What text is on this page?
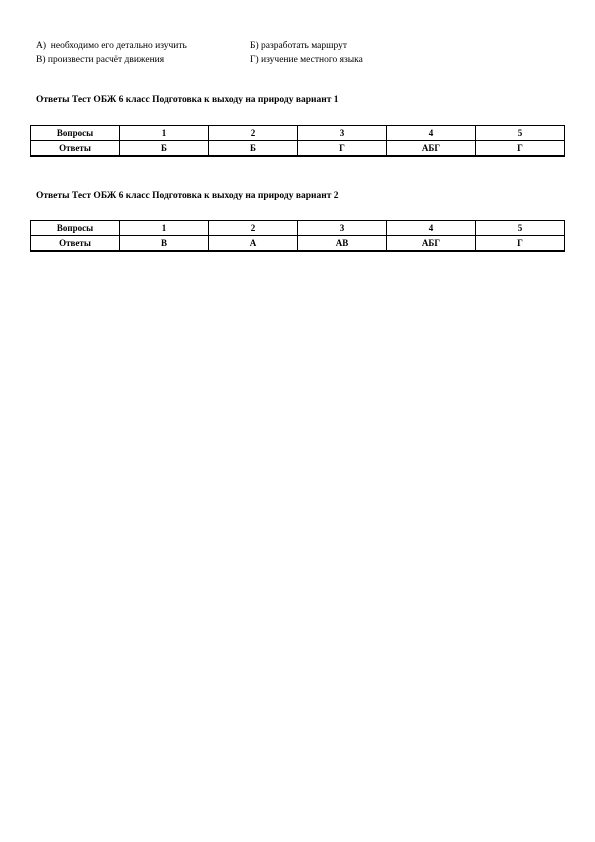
А)  необходимо его детально изучить	Б) разработать маршрут
В) произвести расчёт движения	Г) изучение местного языка
Ответы Тест ОБЖ 6 класс Подготовка к выходу на природу вариант 1
Вопросы	1	2	3	4	5
Ответы	Б	Б	Г	АБГ	Г
Ответы Тест ОБЖ 6 класс Подготовка к выходу на природу вариант 2
Вопросы	1	2	3	4	5
Ответы	В	А	АВ	АБГ	Г
